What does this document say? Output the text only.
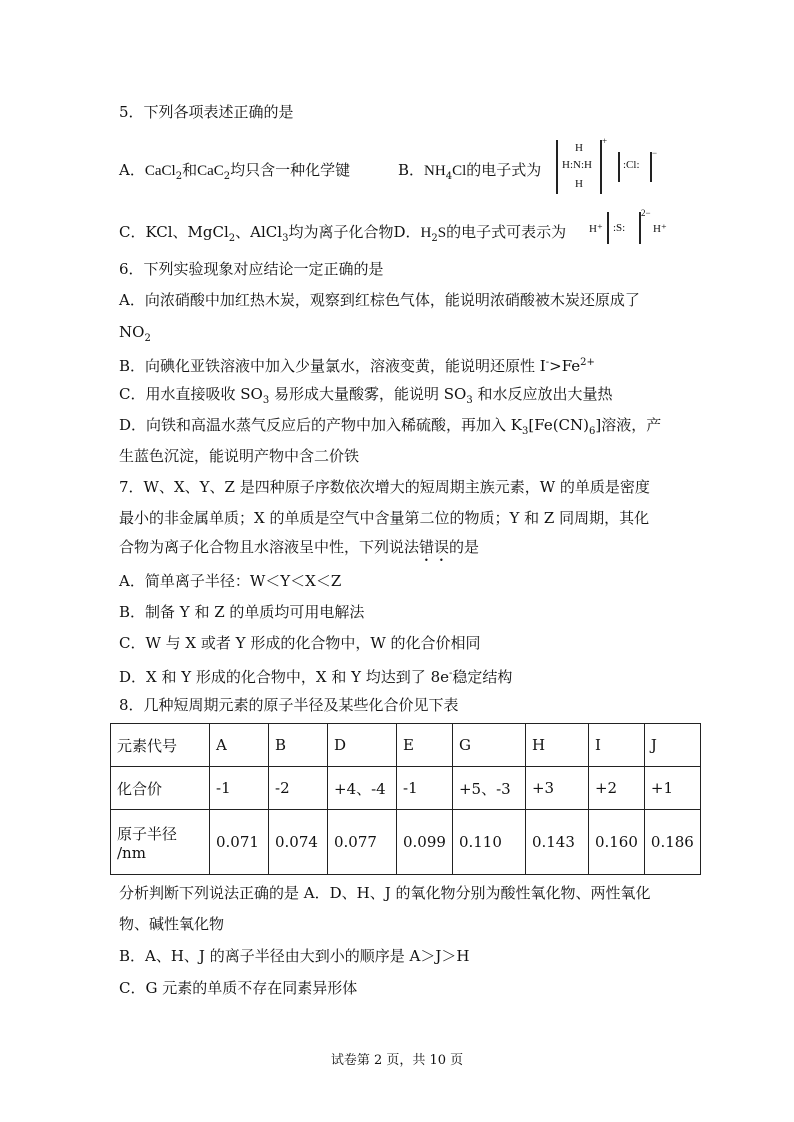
5．下列各项表述正确的是
A．CaCl$_2$和CaC$_2$均只含一种化学键	B．$NH_4Cl$的电子式为
H
H:N:H
H
+
:Cl:
−
C．KCl、MgCl$_2$、AlCl$_3$均为离子化合物D．$H_2S$的电子式可表示为 H⁺ :S:
2−
H⁺
6．下列实验现象对应结论一定正确的是
A．向浓硝酸中加红热木炭，观察到红棕色气体，能说明浓硝酸被木炭还原成了
$NO_2$
B．向碘化亚铁溶液中加入少量氯水，溶液变黄，能说明还原性 $I^->Fe^{2+}$
C．用水直接吸收 $SO_3$ 易形成大量酸雾，能说明 $SO_3$ 和水反应放出大量热
D．向铁和高温水蒸气反应后的产物中加入稀硫酸，再加入 $K_3[Fe(CN)_6]$溶液，产
生蓝色沉淀，能说明产物中含二价铁
7．W、X、Y、Z 是四种原子序数依次增大的短周期主族元素，W 的单质是密度
最小的非金属单质；X 的单质是空气中含量第二位的物质；Y 和 Z 同周期，其化
合物为离子化合物且水溶液呈中性，下列说法错误的是
A．简单离子半径：W＜Y＜X＜Z
B．制备 Y 和 Z 的单质均可用电解法
C．W 与 X 或者 Y 形成的化合物中，W 的化合价相同
D．X 和 Y 形成的化合物中，X 和 Y 均达到了 8e-稳定结构
8．几种短周期元素的原子半径及某些化合价见下表
元素代号	A	B	D	E	G	H	I	J
化合价	-1	-2	+4、-4	-1	+5、-3	+3	+2	+1
原子半径
/nm	0.071	0.074	0.077	0.099	0.110	0.143	0.160	0.186
分析判断下列说法正确的是 A．D、H、J 的氧化物分别为酸性氧化物、两性氧化
物、碱性氧化物
B．A、H、J 的离子半径由大到小的顺序是 A＞J＞H
C．G 元素的单质不存在同素异形体
试卷第 2 页，共 10 页
